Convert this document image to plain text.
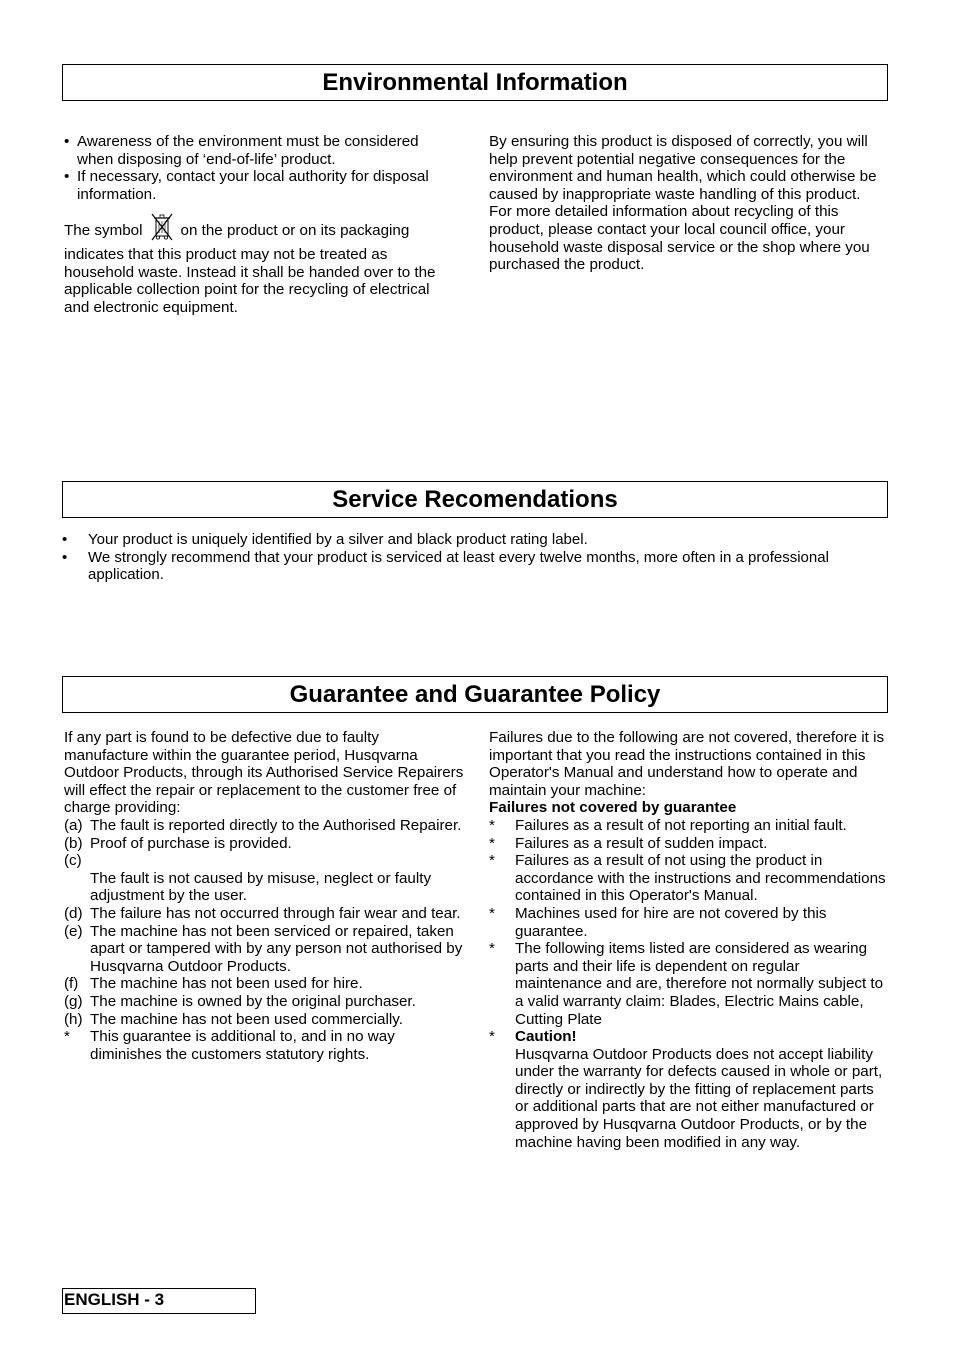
Environmental Information
• Awareness of the environment must be considered when disposing of ‘end-of-life’ product.
• If necessary, contact your local authority for disposal information.
The symbol	on the product or on its packaging indicates that this product may not be treated as household waste. Instead it shall be handed over to the applicable collection point for the recycling of electrical and electronic equipment.
By ensuring this product is disposed of correctly, you will help prevent potential negative consequences for the environment and human health, which could otherwise be caused by inappropriate waste handling of this product. For more detailed information about recycling of this product, please contact your local council office, your household waste disposal service or the shop where you purchased the product.
Service Recomendations
•	Your product is uniquely identified by a silver and black product rating label.
•	We strongly recommend that your product is serviced at least every twelve months, more often in a professional application.
Guarantee and Guarantee Policy
If any part is found to be defective due to faulty manufacture within the guarantee period, Husqvarna Outdoor Products, through its Authorised Service Repairers will effect the repair or replacement to the customer free of charge providing:
(a) The fault is reported directly to the Authorised Repairer.
(b) Proof of purchase is provided.
(c)
The fault is not caused by misuse, neglect or faulty adjustment by the user.
(d) The failure has not occurred through fair wear and tear.
(e) The machine has not been serviced or repaired, taken apart or tampered with by any person not authorised by Husqvarna Outdoor Products.
(f) The machine has not been used for hire.
(g) The machine is owned by the original purchaser.
(h) The machine has not been used commercially.
*	This guarantee is additional to, and in no way diminishes the customers statutory rights.
Failures due to the following are not covered, therefore it is important that you read the instructions contained in this Operator's Manual and understand how to operate and maintain your machine:
Failures not covered by guarantee
*	Failures as a result of not reporting an initial fault.
*	Failures as a result of sudden impact.
*	Failures as a result of not using the product in accordance with the instructions and recommendations contained in this Operator's Manual.
*	Machines used for hire are not covered by this guarantee.
*	The following items listed are considered as wearing parts and their life is dependent on regular maintenance and are, therefore not normally subject to a valid warranty claim: Blades, Electric Mains cable, Cutting Plate
*	Caution!
Husqvarna Outdoor Products does not accept liability under the warranty for defects caused in whole or part, directly or indirectly by the fitting of replacement parts or additional parts that are not either manufactured or approved by Husqvarna Outdoor Products, or by the machine having been modified in any way.
ENGLISH - 3
